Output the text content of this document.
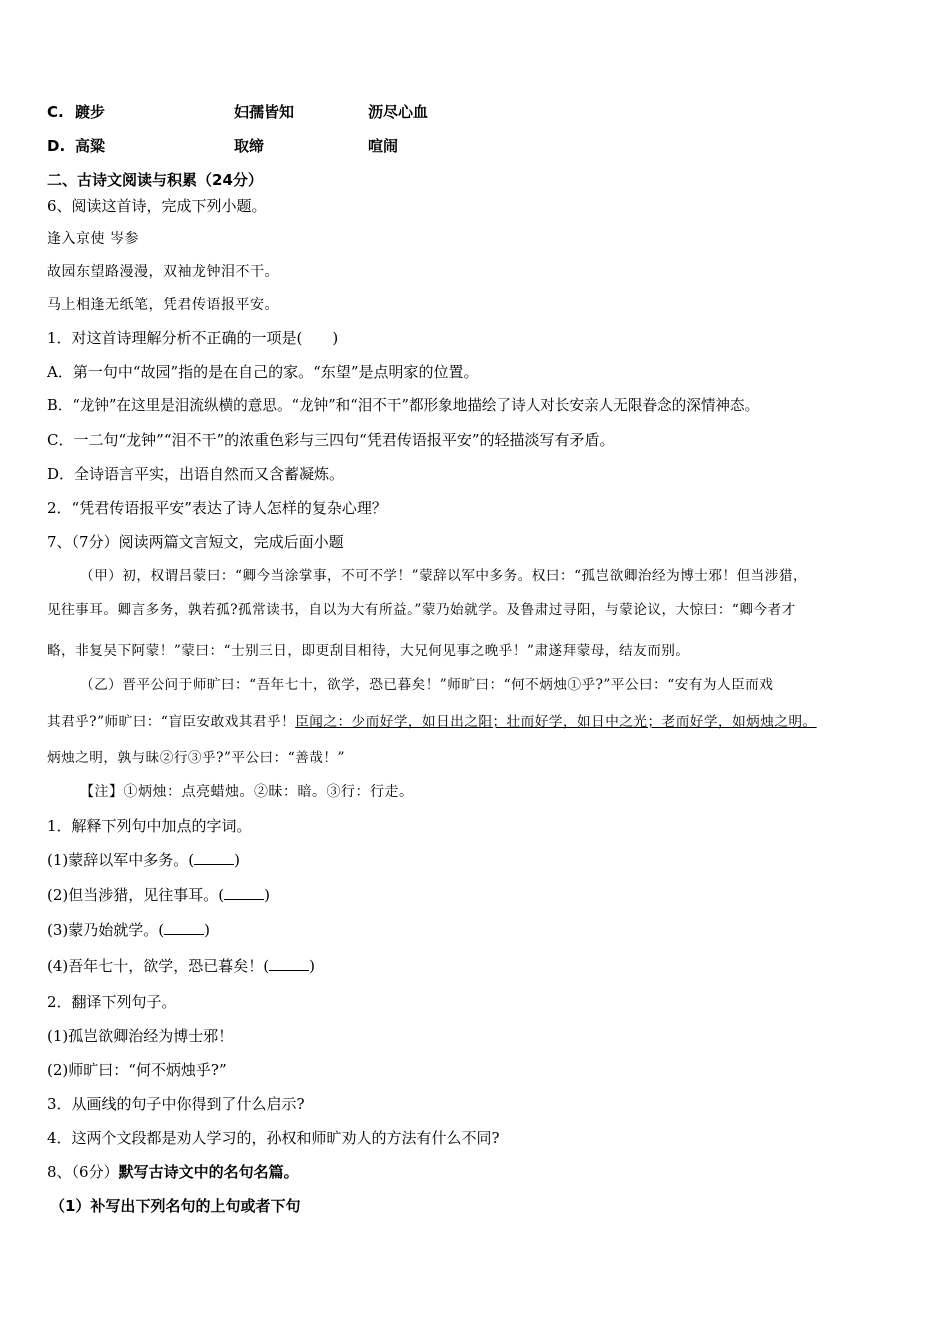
C. 踱步	妇孺皆知	沥尽心血
D. 高粱	取缔	喧闹
二、古诗文阅读与积累（24分）
6、阅读这首诗，完成下列小题。
逢入京使 岑参
故园东望路漫漫，双袖龙钟泪不干。
马上相逢无纸笔，凭君传语报平安。
1．对这首诗理解分析不正确的一项是(　　)
A．第一句中“故园”指的是在自己的家。“东望”是点明家的位置。
B．“龙钟”在这里是泪流纵横的意思。“龙钟”和“泪不干”都形象地描绘了诗人对长安亲人无限眷念的深情神态。
C．一二句“龙钟”“泪不干”的浓重色彩与三四句“凭君传语报平安”的轻描淡写有矛盾。
D．全诗语言平实，出语自然而又含蓄凝炼。
2．“凭君传语报平安”表达了诗人怎样的复杂心理？
7、（7分）阅读两篇文言短文，完成后面小题
（甲）初，权谓吕蒙曰：“卿今当涂掌事，不可不学！”蒙辞以军中多务。权曰：“孤岂欲卿治经为博士邪！但当涉猎，
见往事耳。卿言多务，孰若孤?孤常读书，自以为大有所益。”蒙乃始就学。及鲁肃过寻阳，与蒙论议，大惊曰：“卿今者才
略，非复吴下阿蒙！”蒙曰：“士别三日，即更刮目相待，大兄何见事之晚乎！”肃遂拜蒙母，结友而别。
（乙）晋平公问于师旷曰：“吾年七十，欲学，恐已暮矣！”师旷曰：“何不炳烛①乎?”平公曰：“安有为人臣而戏
其君乎?”师旷曰：“盲臣安敢戏其君乎！臣闻之：少而好学，如日出之阳；壮而好学，如日中之光；老而好学，如炳烛之明。
炳烛之明，孰与昧②行③乎?”平公曰：“善哉！”
【注】①炳烛：点亮蜡烛。②昧：暗。③行：行走。
1．解释下列句中加点的字词。
(1)蒙辞以军中多务。(	)
(2)但当涉猎，见往事耳。(	)
(3)蒙乃始就学。(	)
(4)吾年七十，欲学，恐已暮矣！(	)
2．翻译下列句子。
(1)孤岂欲卿治经为博士邪！
(2)师旷曰：“何不炳烛乎?”
3．从画线的句子中你得到了什么启示?
4．这两个文段都是劝人学习的，孙权和师旷劝人的方法有什么不同?
8、（6分）默写古诗文中的名句名篇。
（1）补写出下列名句的上句或者下句
